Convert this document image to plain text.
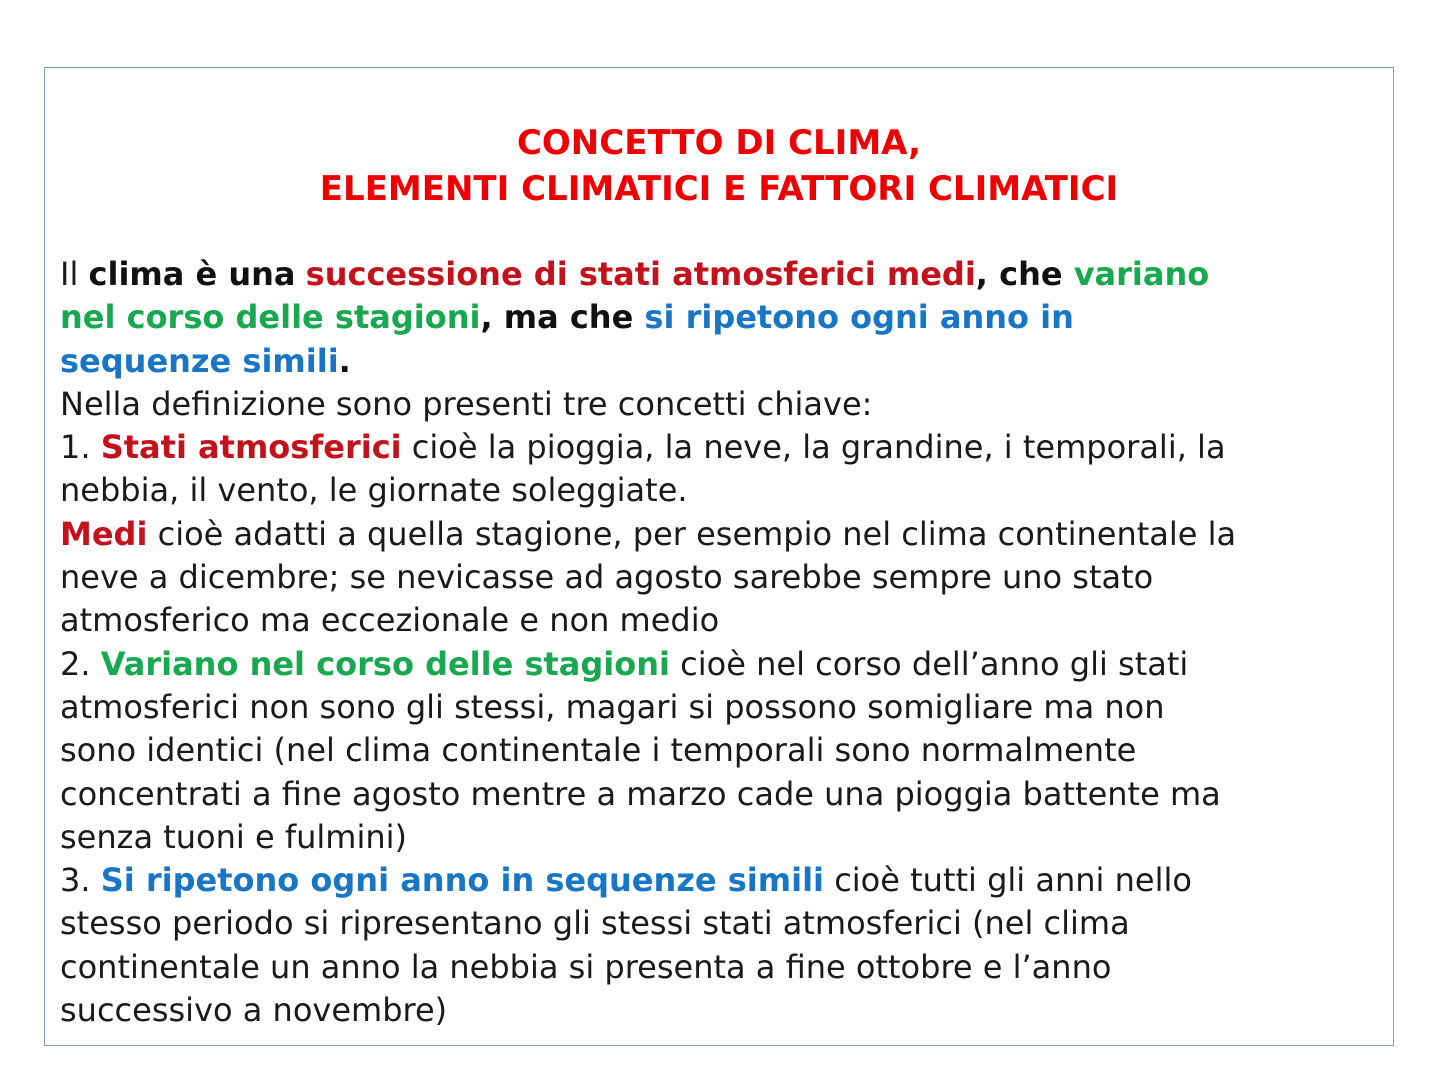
CONCETTO DI CLIMA,
ELEMENTI CLIMATICI E FATTORI CLIMATICI

Il clima è una successione di stati atmosferici medi, che variano

nel corso delle stagioni, ma che si ripetono ogni anno in

sequenze simili.

Nella definizione sono presenti tre concetti chiave:

1. Stati atmosferici cioè la pioggia, la neve, la grandine, i temporali, la

nebbia, il vento, le giornate soleggiate.

Medi cioè adatti a quella stagione, per esempio nel clima continentale la

neve a dicembre; se nevicasse ad agosto sarebbe sempre uno stato

atmosferico ma eccezionale e non medio

2. Variano nel corso delle stagioni cioè nel corso dell’anno gli stati

atmosferici non sono gli stessi, magari si possono somigliare ma non

sono identici (nel clima continentale i temporali sono normalmente

concentrati a fine agosto mentre a marzo cade una pioggia battente ma

senza tuoni e fulmini)

3. Si ripetono ogni anno in sequenze simili cioè tutti gli anni nello

stesso periodo si ripresentano gli stessi stati atmosferici (nel clima

continentale un anno la nebbia si presenta a fine ottobre e l’anno

successivo a novembre)
